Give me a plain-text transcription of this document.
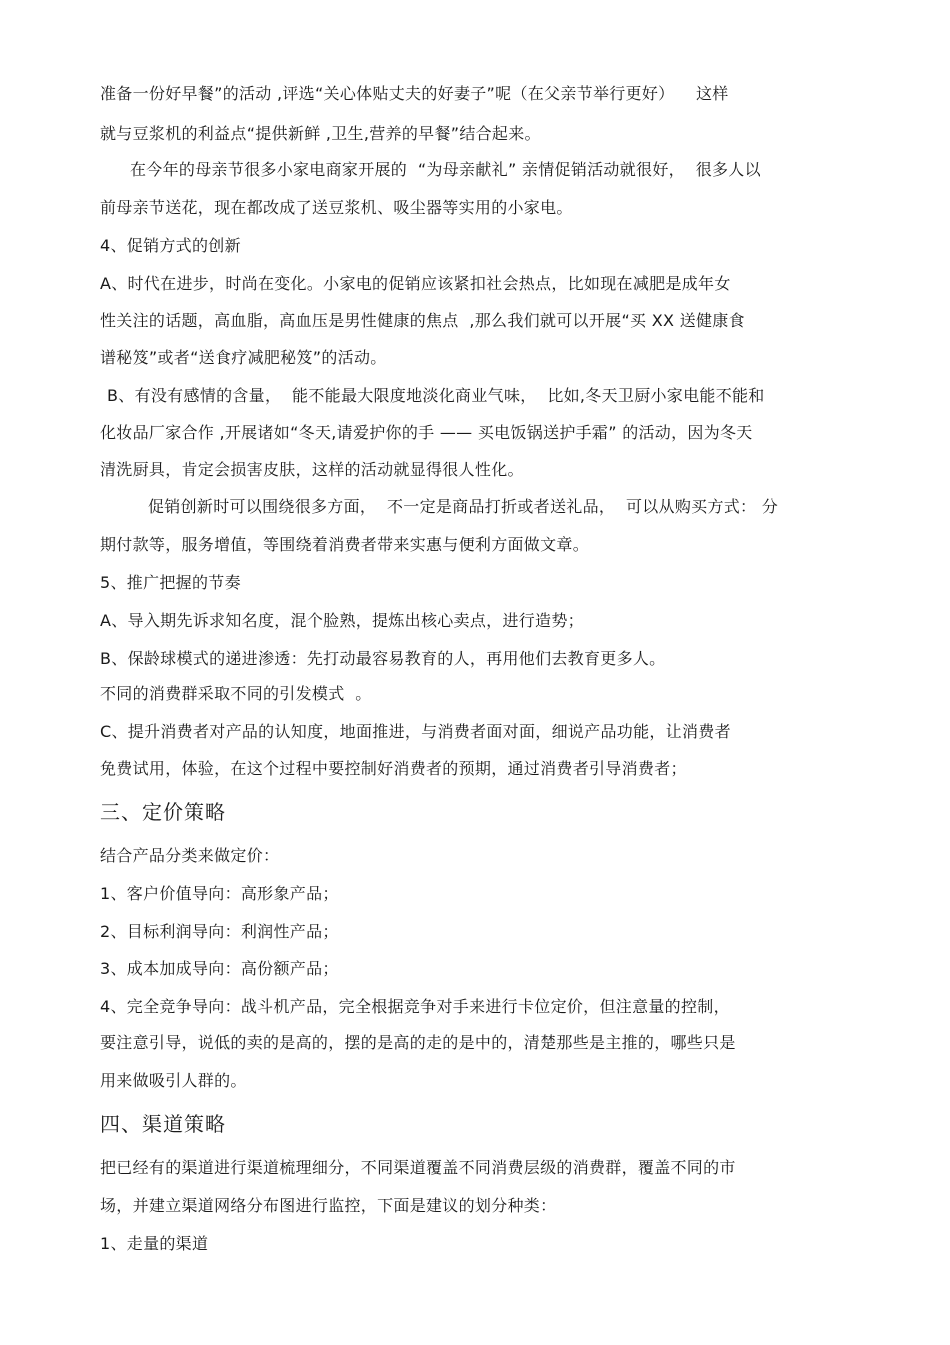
准备一份好早餐”的活动 ,评选“关心体贴丈夫的好妻子”呢（在父亲节举行更好）    这样
就与豆浆机的利益点“提供新鲜 ,卫生,营养的早餐”结合起来。
在今年的母亲节很多小家电商家开展的  “为母亲献礼” 亲情促销活动就很好，  很多人以
前母亲节送花，现在都改成了送豆浆机、吸尘器等实用的小家电。
4、促销方式的创新
A、时代在进步，时尚在变化。小家电的促销应该紧扣社会热点，比如现在减肥是成年女
性关注的话题，高血脂，高血压是男性健康的焦点  ,那么我们就可以开展“买 XX 送健康食
谱秘笈”或者“送食疗减肥秘笈”的活动。
B、有没有感情的含量，  能不能最大限度地淡化商业气味，  比如,冬天卫厨小家电能不能和
化妆品厂家合作 ,开展诸如“冬天,请爱护你的手 —— 买电饭锅送护手霜” 的活动，因为冬天
清洗厨具，肯定会损害皮肤，这样的活动就显得很人性化。
促销创新时可以围绕很多方面，  不一定是商品打折或者送礼品，  可以从购买方式： 分
期付款等，服务增值，等围绕着消费者带来实惠与便利方面做文章。
5、推广把握的节奏
A、导入期先诉求知名度，混个脸熟，提炼出核心卖点，进行造势；
B、保龄球模式的递进渗透：先打动最容易教育的人，再用他们去教育更多人。
不同的消费群采取不同的引发模式  。
C、提升消费者对产品的认知度，地面推进，与消费者面对面，细说产品功能，让消费者
免费试用，体验，在这个过程中要控制好消费者的预期，通过消费者引导消费者；
三、定价策略
结合产品分类来做定价：
1、客户价值导向：高形象产品；
2、目标利润导向：利润性产品；
3、成本加成导向：高份额产品；
4、完全竞争导向：战斗机产品，完全根据竞争对手来进行卡位定价，但注意量的控制，
要注意引导，说低的卖的是高的，摆的是高的走的是中的，清楚那些是主推的，哪些只是
用来做吸引人群的。
四、渠道策略
把已经有的渠道进行渠道梳理细分，不同渠道覆盖不同消费层级的消费群，覆盖不同的市
场，并建立渠道网络分布图进行监控，下面是建议的划分种类：
1、走量的渠道
